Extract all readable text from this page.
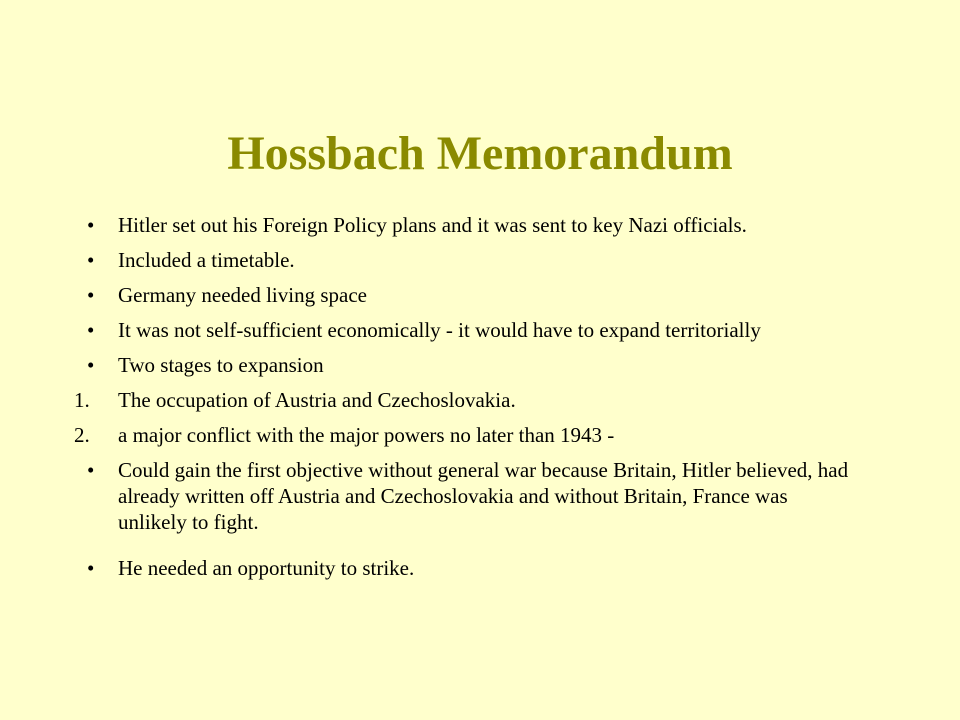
Hossbach Memorandum
•	Hitler set out his Foreign Policy plans and it was sent to key Nazi officials.
•	Included a timetable.
•	Germany needed living space
•	It was not self-sufficient economically - it would have to expand territorially
•	Two stages to expansion
1.	The occupation of Austria and Czechoslovakia.
2.	a major conflict with the major powers no later than 1943 -
•	Could gain the first objective without general war because Britain, Hitler believed, had already written off Austria and Czechoslovakia and without Britain, France was unlikely to fight.
•	He needed an opportunity to strike.
